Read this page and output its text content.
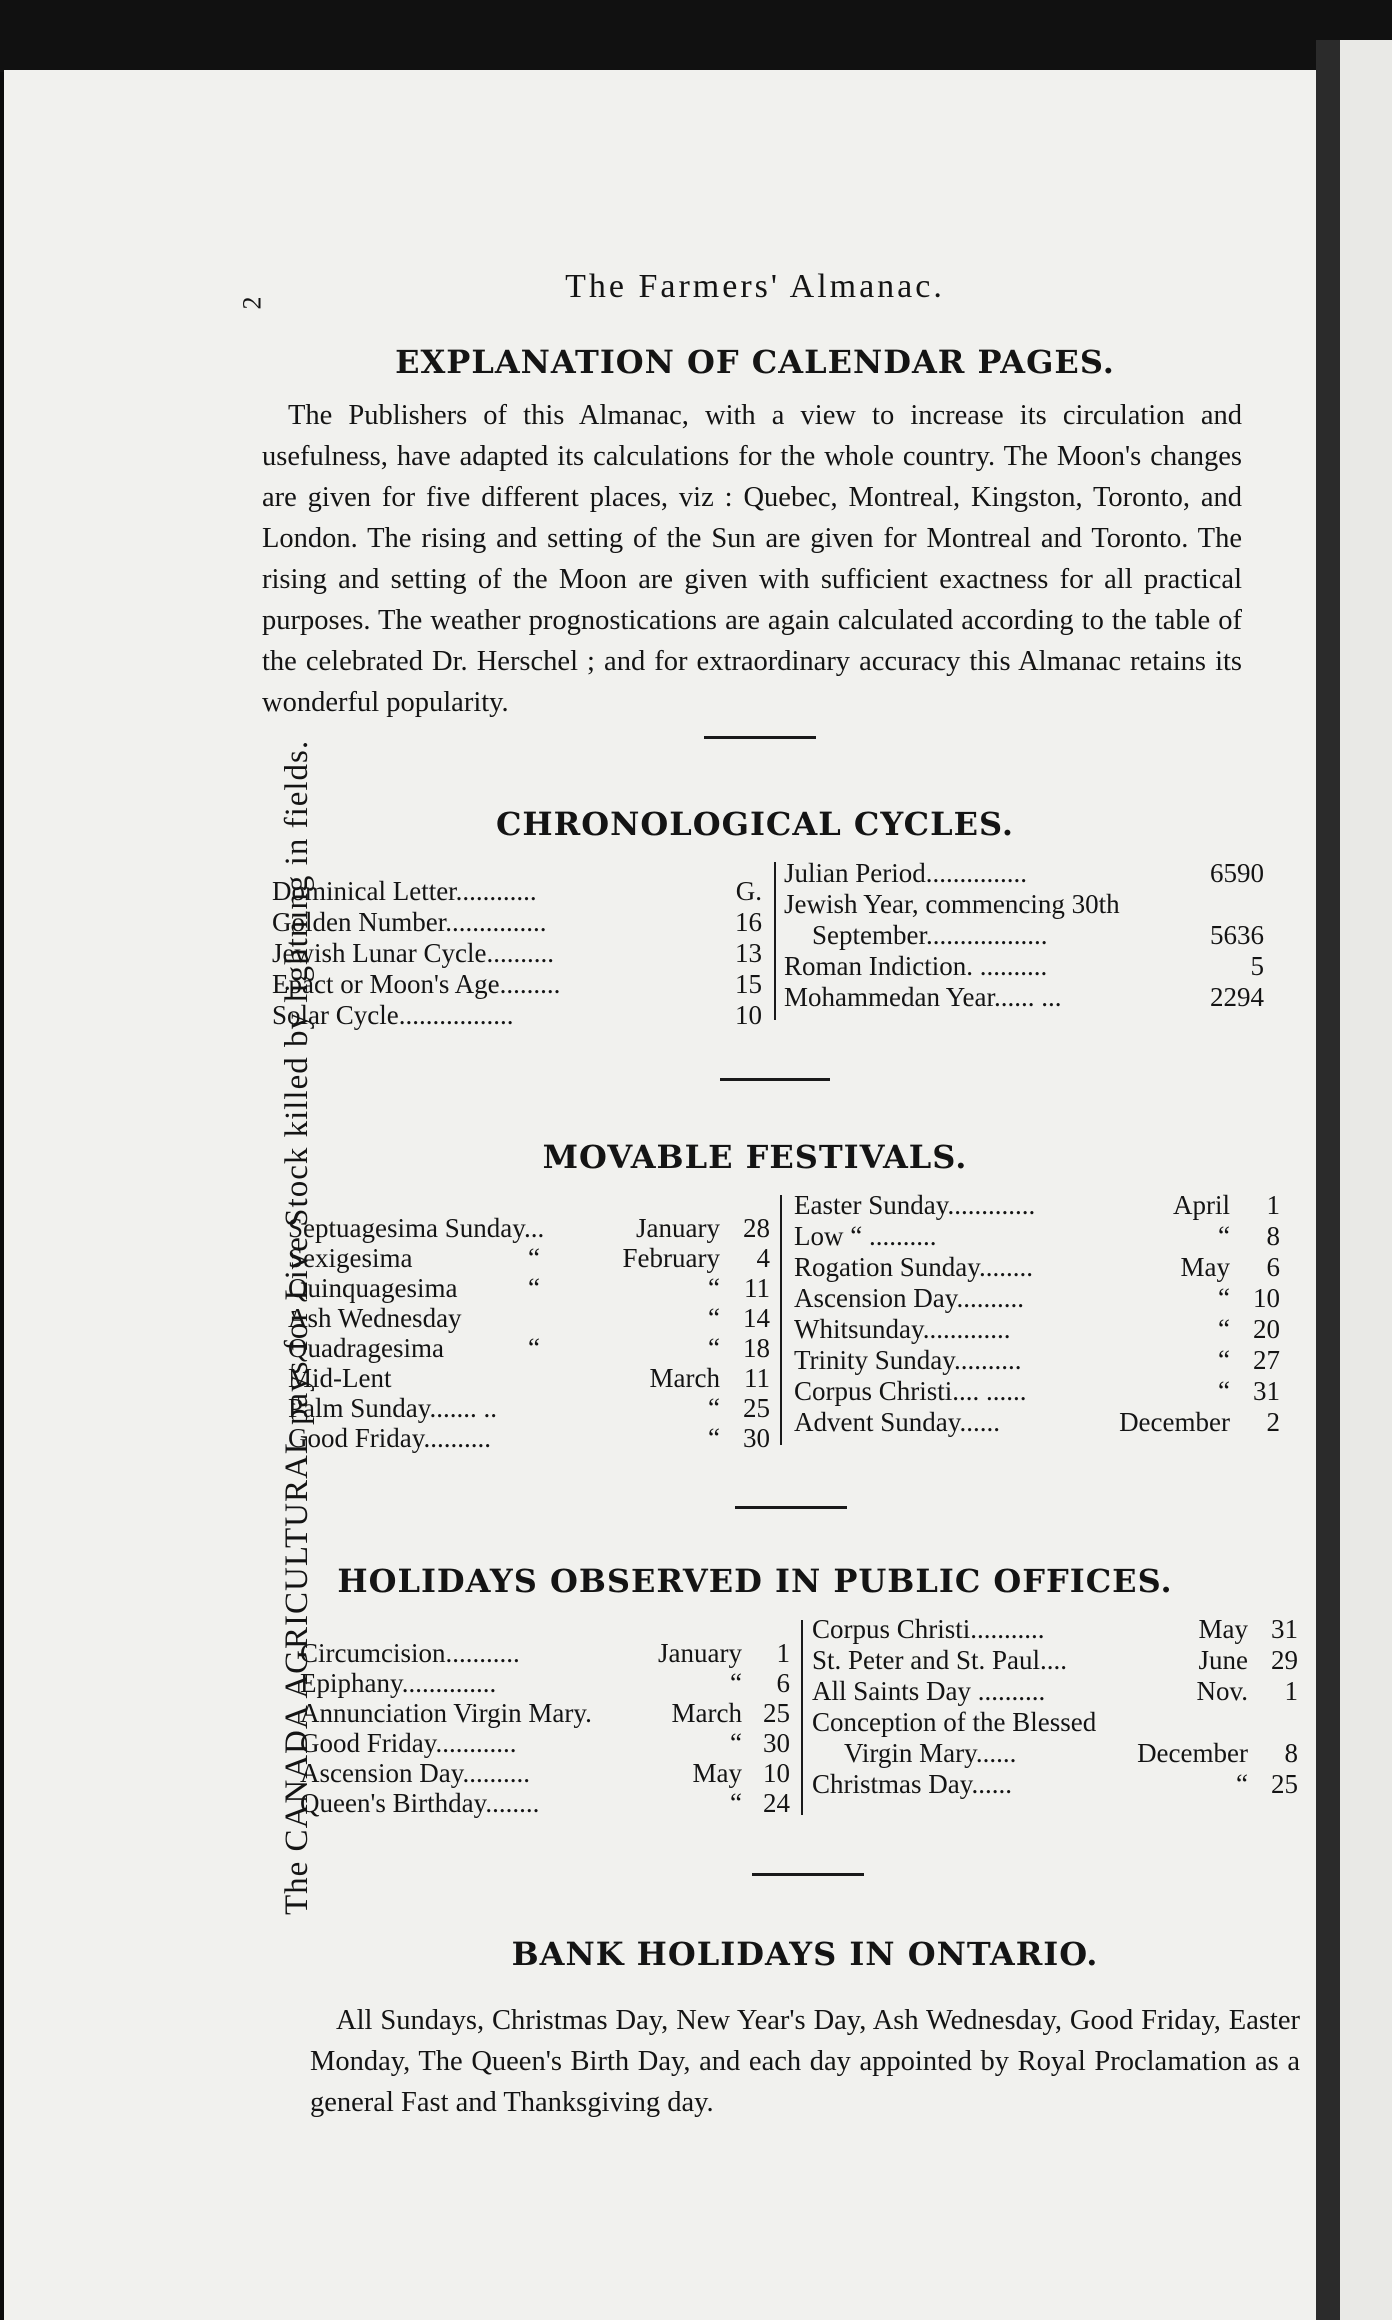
2
The CANADA AGRICULTURAL pays for Live Stock killed by lightning in fields.
The Farmers' Almanac.
EXPLANATION OF CALENDAR PAGES.
The Publishers of this Almanac, with a view to increase its circulation and usefulness, have adapted its calculations for the whole country. The Moon's changes are given for five different places, viz : Quebec, Montreal, Kingston, Toronto, and London. The rising and setting of the Sun are given for Montreal and Toronto. The rising and setting of the Moon are given with sufficient exactness for all practical purposes. The weather prognostications are again calculated according to the table of the celebrated Dr. Herschel ; and for extraordinary accuracy this Almanac retains its wonderful popularity.
CHRONOLOGICAL CYCLES.
Dominical Letter............	G.
Golden Number...............	16
Jewish Lunar Cycle..........	13
Epact or Moon's Age.........	15
Solar Cycle.................	10
Julian Period...............	6590
Jewish Year, commencing 30th
September..................	5636
Roman Indiction. ..........	5
Mohammedan Year...... ...	2294
MOVABLE FESTIVALS.
Septuagesima Sunday...	January 28
Sexigesima	“	February 4
Quinquagesima	“	“ 11
Ash Wednesday	“ 14
Quadragesima	“	“ 18
Mid-Lent	March 11
Palm Sunday....... ..	“ 25
Good Friday..........	“ 30
Easter Sunday.............	April 1
Low “ ..........	“ 8
Rogation Sunday........	May 6
Ascension Day..........	“ 10
Whitsunday.............	“ 20
Trinity Sunday..........	“ 27
Corpus Christi.... ......	“ 31
Advent Sunday......	December 2
HOLIDAYS OBSERVED IN PUBLIC OFFICES.
Circumcision...........	January 1
Epiphany..............	“ 6
Annunciation Virgin Mary.	March 25
Good Friday............	“ 30
Ascension Day..........	May 10
Queen's Birthday........	“ 24
Corpus Christi...........	May 31
St. Peter and St. Paul....	June 29
All Saints Day ..........	Nov. 1
Conception of the Blessed
Virgin Mary......	December 8
Christmas Day......	“ 25
BANK HOLIDAYS IN ONTARIO.
All Sundays, Christmas Day, New Year's Day, Ash Wednesday, Good Friday, Easter Monday, The Queen's Birth Day, and each day appointed by Royal Proclamation as a general Fast and Thanksgiving day.
